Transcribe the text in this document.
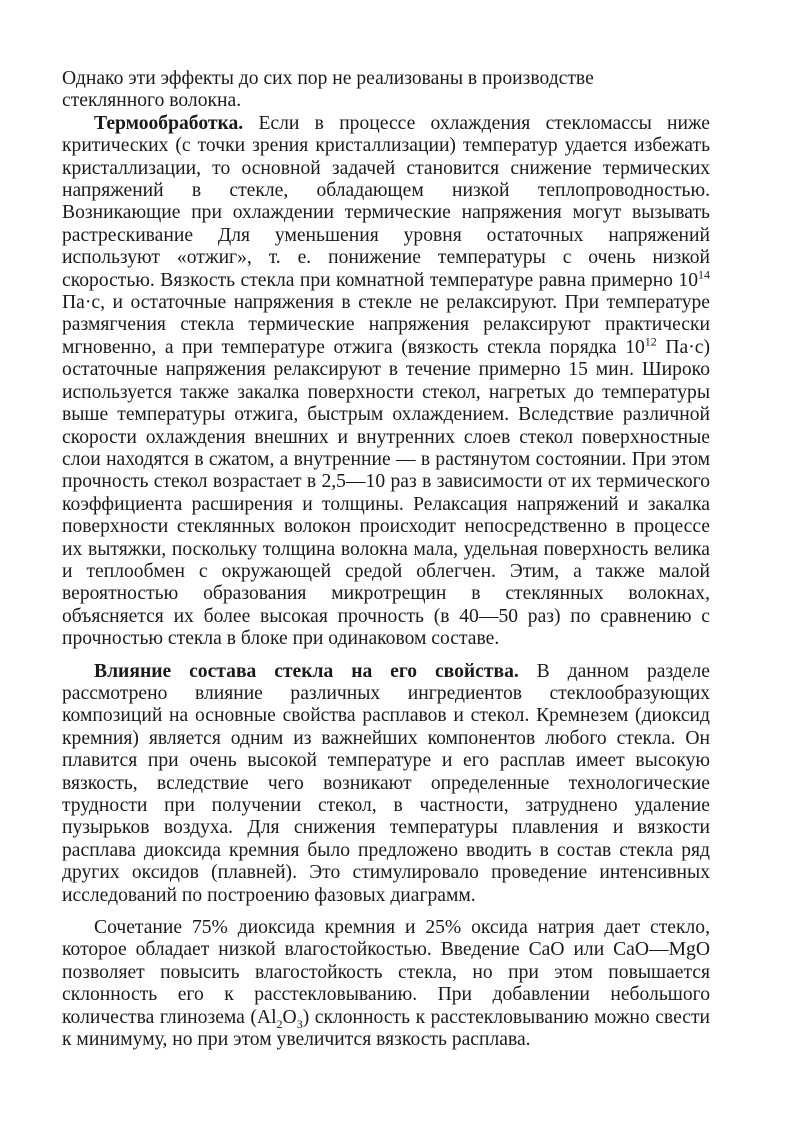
Однако эти эффекты до сих пор не реализованы в производстве
стеклянного волокна.

Термообработка. Если в процессе охлаждения стекломассы ниже критических (с точки зрения кристаллизации) температур удается избежать кристаллизации, то основной задачей становится снижение термических напряжений в стекле, обладающем низкой теплопроводностью. Возникающие при охлаждении термические напряжения могут вызывать растрескивание Для уменьшения уровня остаточных напряжений используют «отжиг», т. е. понижение температуры с очень низкой скоростью. Вязкость стекла при комнатной температуре равна примерно $10^{14}$ Па·с, и остаточные напряжения в стекле не релаксируют. При температуре размягчения стекла термические напряжения релаксируют практически мгновенно, а при температуре отжига (вязкость стекла порядка $10^{12}$ Па·с) остаточные напряжения релаксируют в течение примерно 15 мин. Широко используется также закалка поверхности стекол, нагретых до температуры выше температуры отжига, быстрым охлаждением. Вследствие различной скорости охлаждения внешних и внутренних слоев стекол поверхностные слои находятся в сжатом, а внутренние — в растянутом состоянии. При этом прочность стекол возрастает в 2,5—10 раз в зависимости от их термического коэффициента расширения и толщины. Релаксация напряжений и закалка поверхности стеклянных волокон происходит непосредственно в процессе их вытяжки, поскольку толщина волокна мала, удельная поверхность велика и теплообмен с окружающей средой облегчен. Этим, а также малой вероятностью образования микротрещин в стеклянных волокнах, объясняется их более высокая прочность (в 40—50 раз) по сравнению с прочностью стекла в блоке при одинаковом составе.

Влияние состава стекла на его свойства. В данном разделе рассмотрено влияние различных ингредиентов стеклообразующих композиций на основные свойства расплавов и стекол. Кремнезем (диоксид кремния) является одним из важнейших компонентов любого стекла. Он плавится при очень высокой температуре и его расплав имеет высокую вязкость, вследствие чего возникают определенные технологические трудности при получении стекол, в частности, затруднено удаление пузырьков воздуха. Для снижения температуры плавления и вязкости расплава диоксида кремния было предложено вводить в состав стекла ряд других оксидов (плавней). Это стимулировало проведение интенсивных исследований по построению фазовых диаграмм.

Сочетание 75% диоксида кремния и 25% оксида натрия дает стекло, которое обладает низкой влагостойкостью. Введение CaO или CaO—MgO позволяет повысить влагостойкость стекла, но при этом повышается склонность его к расстекловыванию. При добавлении небольшого количества глинозема $(Al_2O_3)$ склонность к расстекловыванию можно свести к минимуму, но при этом увеличится вязкость расплава.
